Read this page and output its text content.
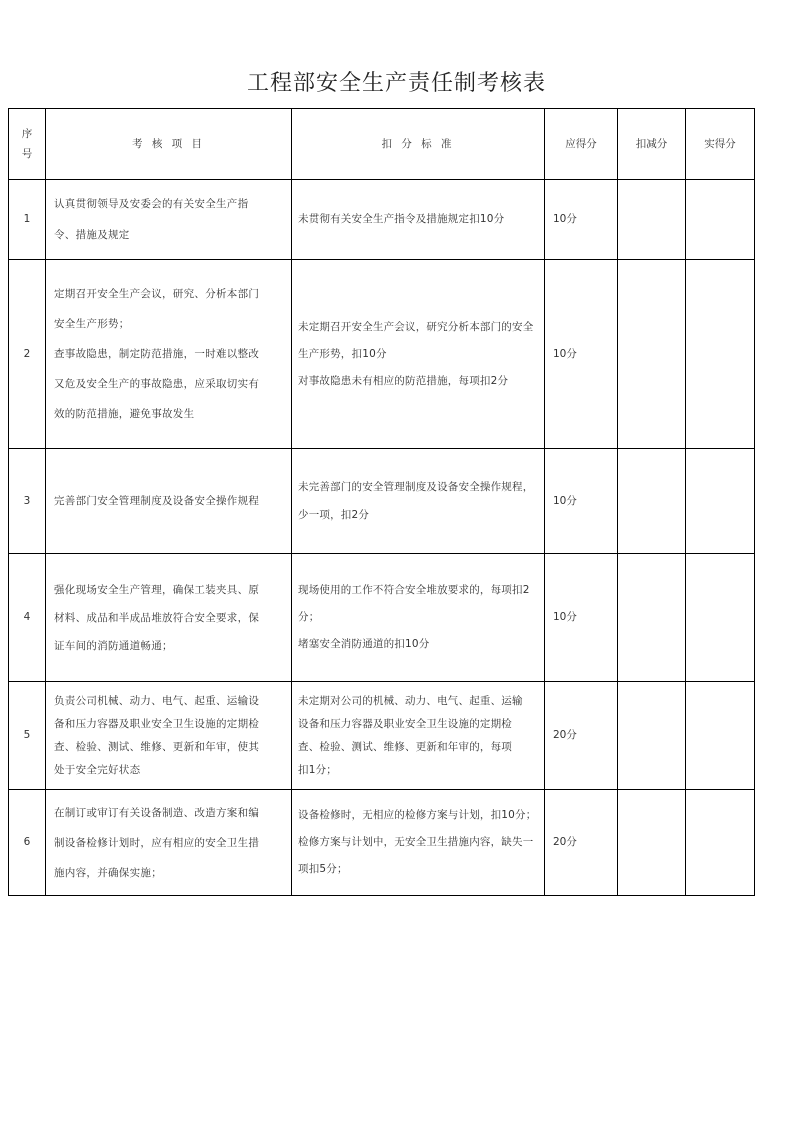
工程部安全生产责任制考核表
序
号	考 核 项 目	扣 分 标 准	应得分	扣减分	实得分
1	认真贯彻领导及安委会的有关安全生产指
令、措施及规定	未贯彻有关安全生产指令及措施规定扣10分	10分		
2	定期召开安全生产会议，研究、分析本部门
安全生产形势；
查事故隐患，制定防范措施，一时难以整改
又危及安全生产的事故隐患，应采取切实有
效的防范措施，避免事故发生	未定期召开安全生产会议，研究分析本部门的安全
生产形势，扣10分
对事故隐患未有相应的防范措施，每项扣2分	10分		
3	完善部门安全管理制度及设备安全操作规程	未完善部门的安全管理制度及设备安全操作规程，
少一项，扣2分	10分		
4	强化现场安全生产管理，确保工装夹具、原
材料、成品和半成品堆放符合安全要求，保
证车间的消防通道畅通；	现场使用的工作不符合安全堆放要求的，每项扣2
分；
堵塞安全消防通道的扣10分	10分		
5	负责公司机械、动力、电气、起重、运输设
备和压力容器及职业安全卫生设施的定期检
查、检验、测试、维修、更新和年审，使其
处于安全完好状态	未定期对公司的机械、动力、电气、起重、运输
设备和压力容器及职业安全卫生设施的定期检
查、检验、测试、维修、更新和年审的，每项
扣1分；	20分		
6	在制订或审订有关设备制造、改造方案和编
制设备检修计划时，应有相应的安全卫生措
施内容，并确保实施；	设备检修时，无相应的检修方案与计划，扣10分；
检修方案与计划中，无安全卫生措施内容，缺失一
项扣5分；	20分		
